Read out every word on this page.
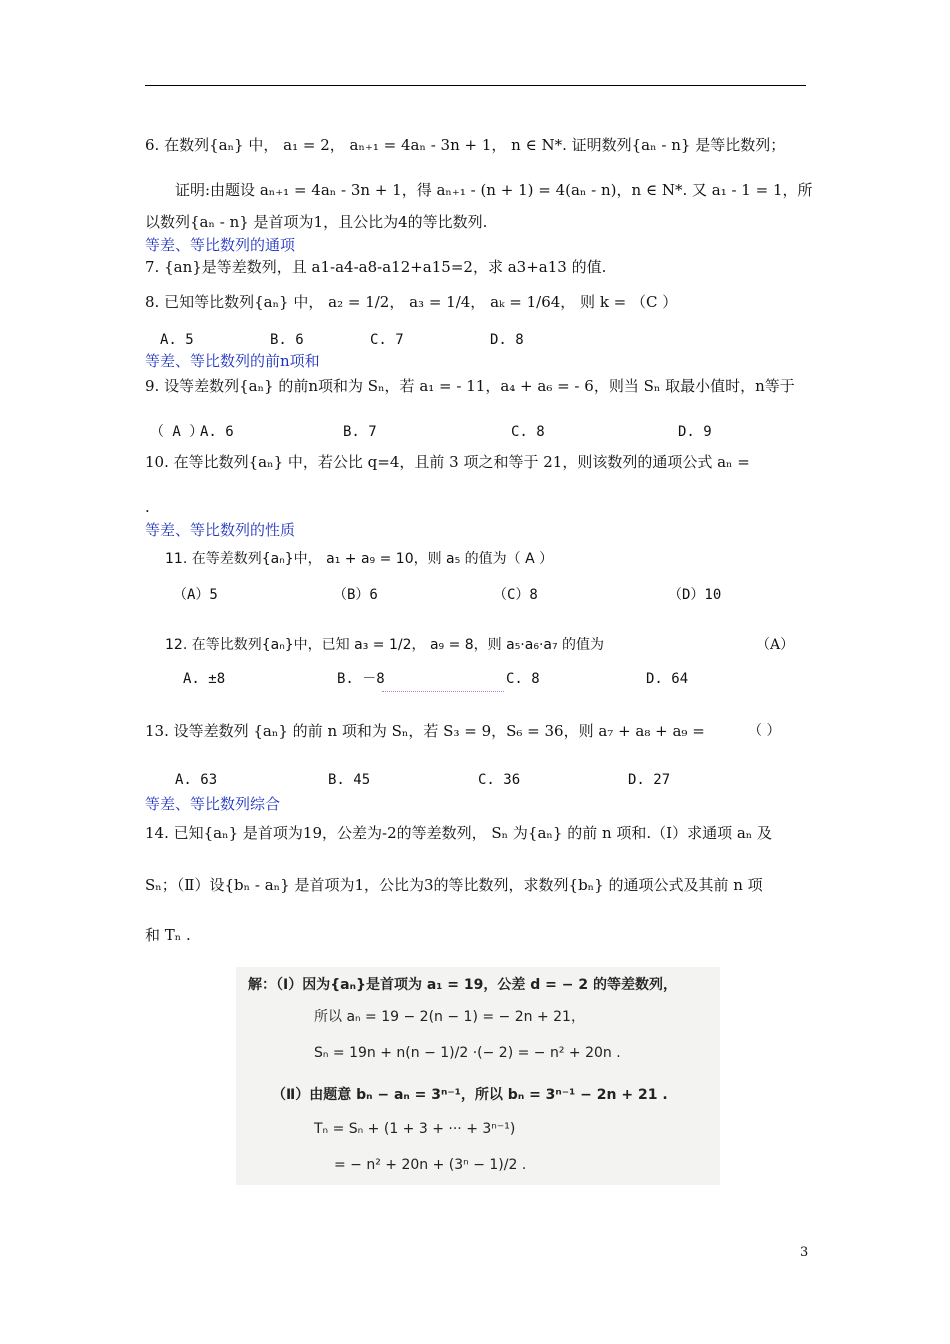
6. 在数列{aₙ} 中， a₁ = 2， aₙ₊₁ = 4aₙ - 3n + 1， n ∈ N*. 证明数列{aₙ - n} 是等比数列；
证明:由题设 aₙ₊₁ = 4aₙ - 3n + 1，得 aₙ₊₁ - (n + 1) = 4(aₙ - n)，n ∈ N*. 又 a₁ - 1 = 1，所
以数列{aₙ - n} 是首项为1，且公比为4的等比数列.
等差、等比数列的通项
7. {an}是等差数列，且 a1-a4-a8-a12+a15=2，求 a3+a13 的值.
8. 已知等比数列{aₙ} 中， a₂ = 1/2， a₃ = 1/4， aₖ = 1/64， 则 k = （C ）
A. 5	B. 6	C. 7	D. 8
等差、等比数列的前n项和
9. 设等差数列{aₙ} 的前n项和为 Sₙ，若 a₁ = - 11，a₄ + a₆ = - 6，则当 Sₙ 取最小值时，n等于
（ A ）
A. 6	B. 7	C. 8	D. 9
10. 在等比数列{aₙ} 中，若公比 q=4，且前 3 项之和等于 21，则该数列的通项公式 aₙ =
.
等差、等比数列的性质
11. 在等差数列{aₙ}中， a₁ + a₉ = 10，则 a₅ 的值为（ A ）
（A）5	（B）6	（C）8	（D）10
12. 在等比数列{aₙ}中，已知 a₃ = 1/2， a₉ = 8，则 a₅·a₆·a₇ 的值为	（A）
A. ±8	B. －8	C. 8	D. 64
13. 设等差数列 {aₙ} 的前 n 项和为 Sₙ，若 S₃ = 9，S₆ = 36，则 a₇ + a₈ + a₉ =	（ ）
A. 63	B. 45	C. 36	D. 27
等差、等比数列综合
14. 已知{aₙ} 是首项为19，公差为-2的等差数列， Sₙ 为{aₙ} 的前 n 项和.（Ⅰ）求通项 aₙ 及
Sₙ；（Ⅱ）设{bₙ - aₙ} 是首项为1，公比为3的等比数列，求数列{bₙ} 的通项公式及其前 n 项
和 Tₙ .
解：（Ⅰ）因为{aₙ}是首项为 a₁ = 19，公差 d = − 2 的等差数列，
所以 aₙ = 19 − 2(n − 1) = − 2n + 21，
Sₙ = 19n + n(n − 1)/2 ·(− 2) = − n² + 20n .
（Ⅱ）由题意 bₙ − aₙ = 3ⁿ⁻¹，所以 bₙ = 3ⁿ⁻¹ − 2n + 21 .
Tₙ = Sₙ + (1 + 3 + ··· + 3ⁿ⁻¹)
= − n² + 20n + (3ⁿ − 1)/2 .
3
